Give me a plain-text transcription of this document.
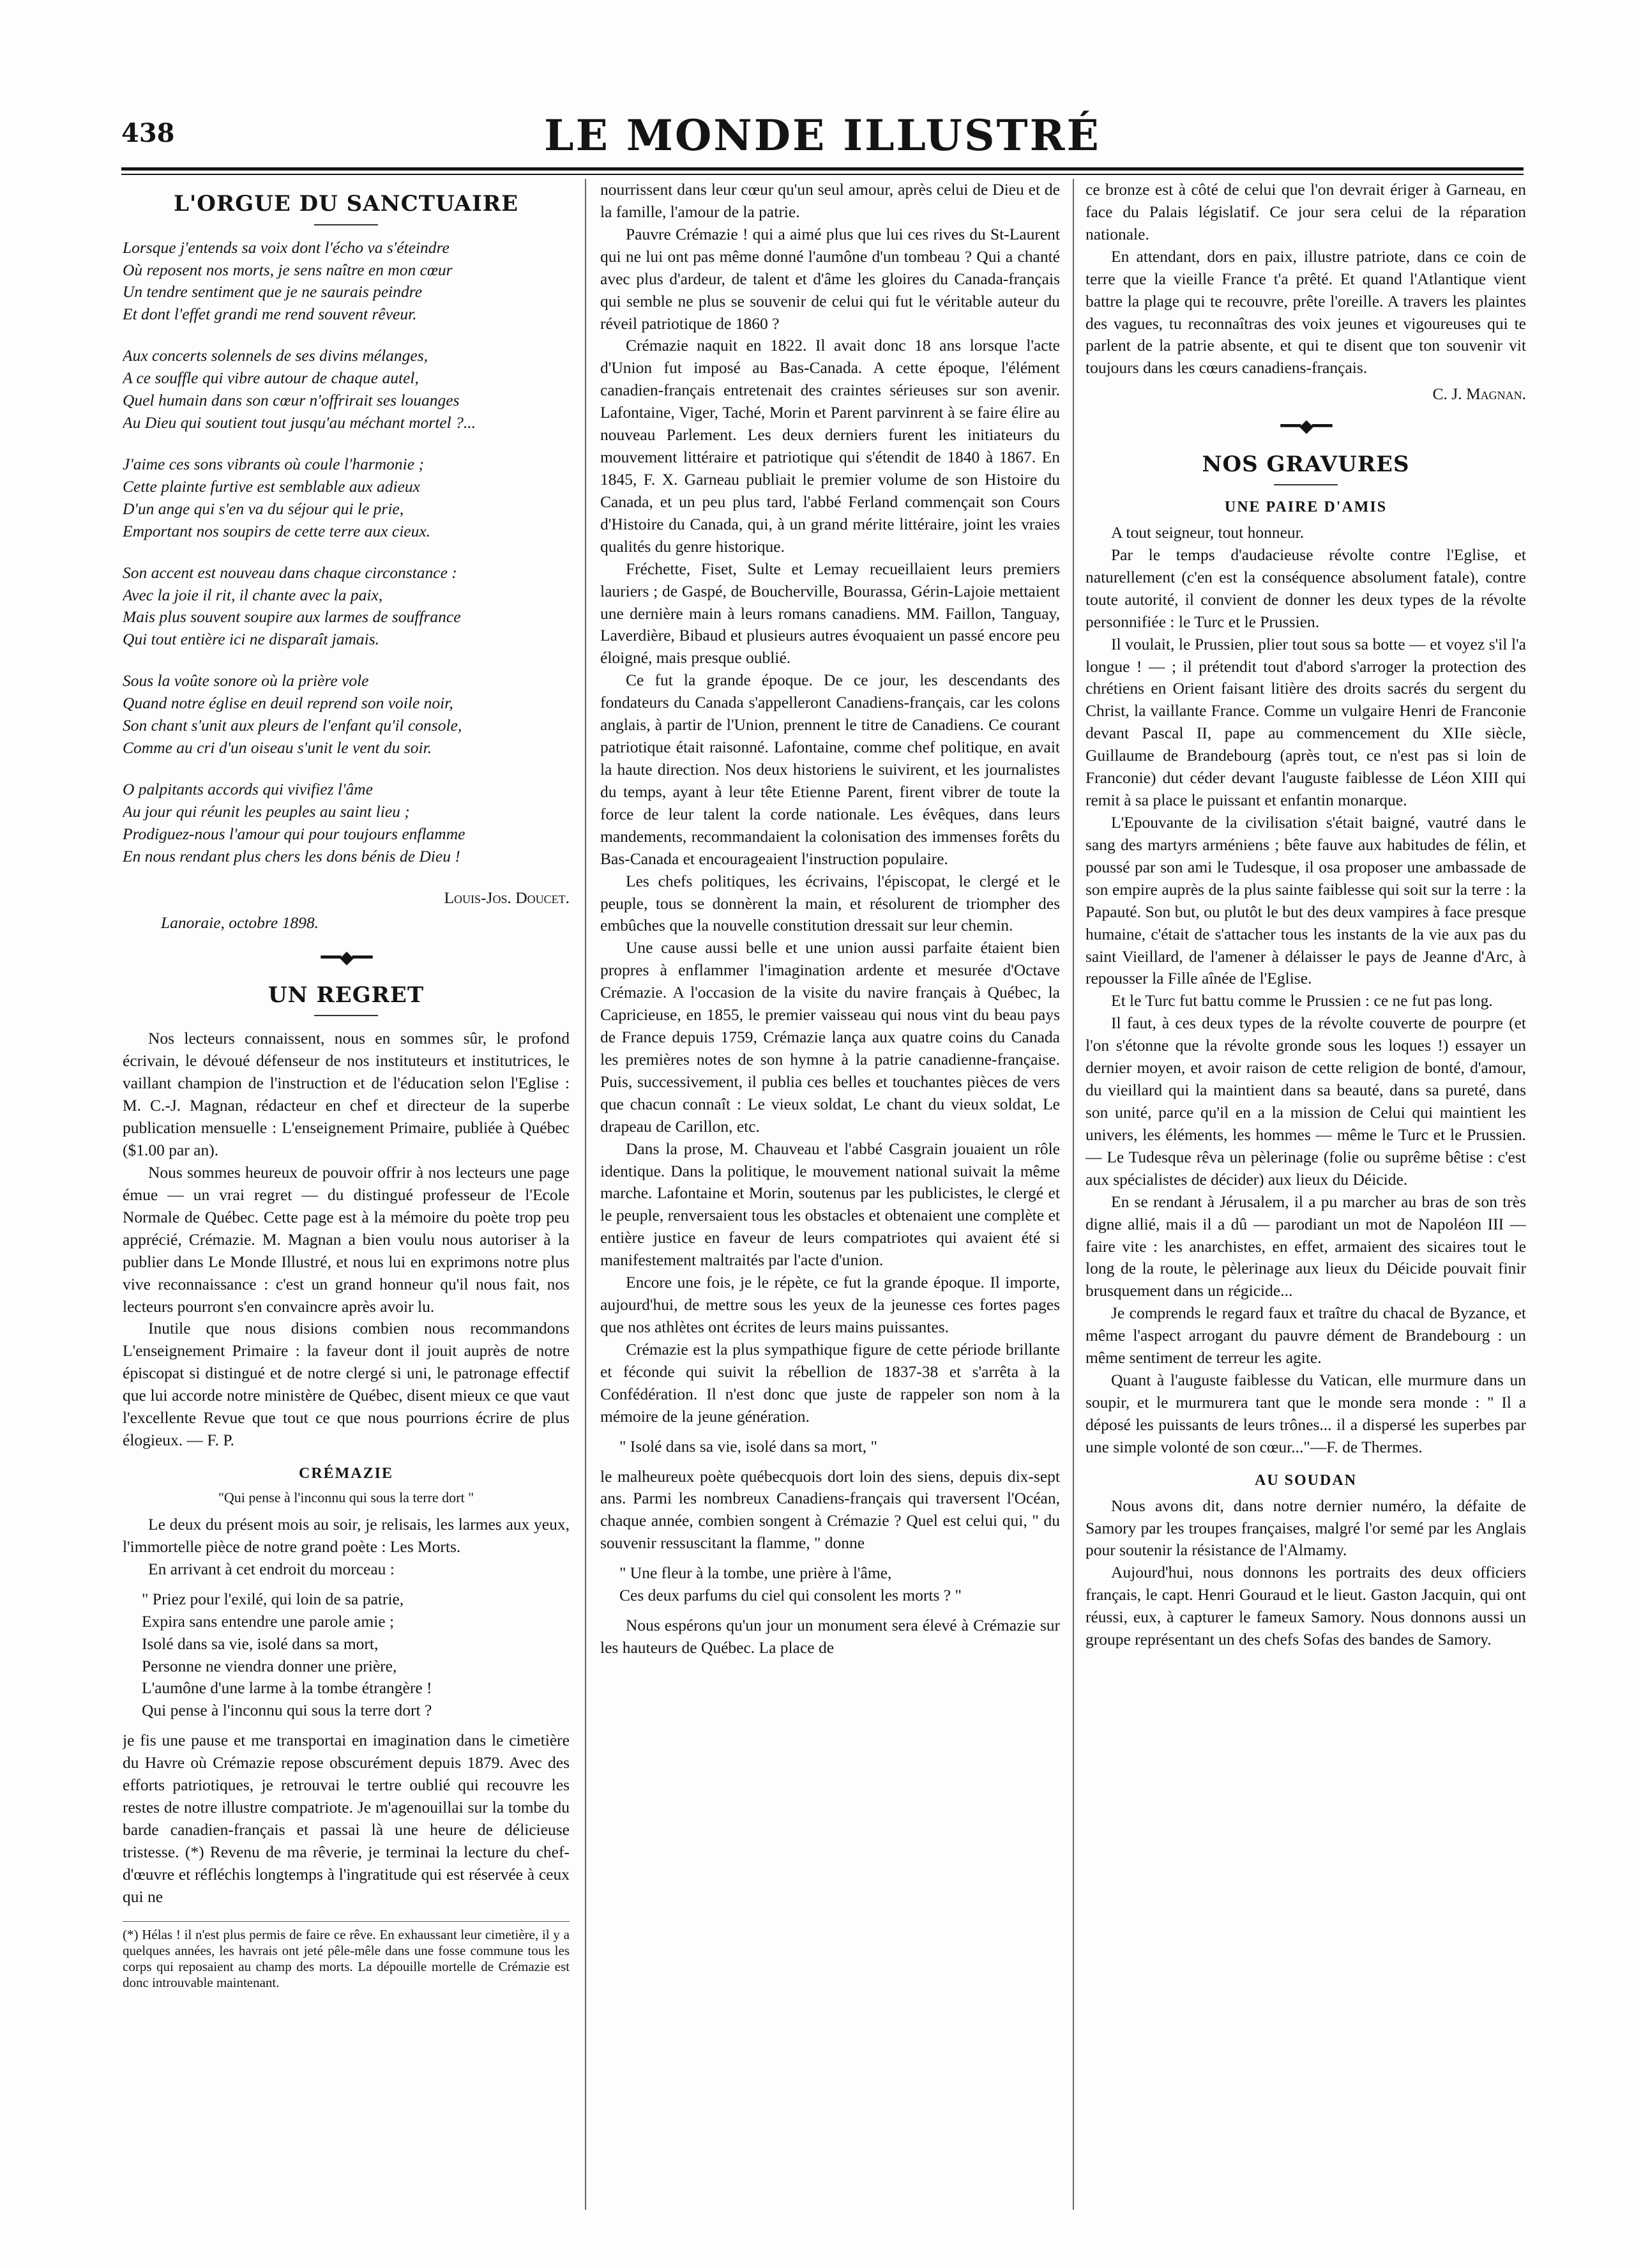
438	LE MONDE ILLUSTRÉ
L'ORGUE DU SANCTUAIRE
Lorsque j'entends sa voix dont l'écho va s'éteindre
Où reposent nos morts, je sens naître en mon cœur
Un tendre sentiment que je ne saurais peindre
Et dont l'effet grandi me rend souvent rêveur.
Aux concerts solennels de ses divins mélanges,
A ce souffle qui vibre autour de chaque autel,
Quel humain dans son cœur n'offrirait ses louanges
Au Dieu qui soutient tout jusqu'au méchant mortel ?...
J'aime ces sons vibrants où coule l'harmonie ;
Cette plainte furtive est semblable aux adieux
D'un ange qui s'en va du séjour qui le prie,
Emportant nos soupirs de cette terre aux cieux.
Son accent est nouveau dans chaque circonstance :
Avec la joie il rit, il chante avec la paix,
Mais plus souvent soupire aux larmes de souffrance
Qui tout entière ici ne disparaît jamais.
Sous la voûte sonore où la prière vole
Quand notre église en deuil reprend son voile noir,
Son chant s'unit aux pleurs de l'enfant qu'il console,
Comme au cri d'un oiseau s'unit le vent du soir.
O palpitants accords qui vivifiez l'âme
Au jour qui réunit les peuples au saint lieu ;
Prodiguez-nous l'amour qui pour toujours enflamme
En nous rendant plus chers les dons bénis de Dieu !
Louis-Jos. Doucet.
Lanoraie, octobre 1898.
━━◆━━
UN REGRET

Nos lecteurs connaissent, nous en sommes sûr, le profond écrivain, le dévoué défenseur de nos instituteurs et institutrices, le vaillant champion de l'instruction et de l'éducation selon l'Eglise : M. C.-J. Magnan, rédacteur en chef et directeur de la superbe publication mensuelle : L'enseignement Primaire, publiée à Québec ($1.00 par an).

Nous sommes heureux de pouvoir offrir à nos lecteurs une page émue — un vrai regret — du distingué professeur de l'Ecole Normale de Québec. Cette page est à la mémoire du poète trop peu apprécié, Crémazie. M. Magnan a bien voulu nous autoriser à la publier dans Le Monde Illustré, et nous lui en exprimons notre plus vive reconnaissance : c'est un grand honneur qu'il nous fait, nos lecteurs pourront s'en convaincre après avoir lu.

Inutile que nous disions combien nous recommandons L'enseignement Primaire : la faveur dont il jouit auprès de notre épiscopat si distingué et de notre clergé si uni, le patronage effectif que lui accorde notre ministère de Québec, disent mieux ce que vaut l'excellente Revue que tout ce que nous pourrions écrire de plus élogieux. — F. P.

CRÉMAZIE
"Qui pense à l'inconnu qui sous la terre dort "

Le deux du présent mois au soir, je relisais, les larmes aux yeux, l'immortelle pièce de notre grand poète : Les Morts.

En arrivant à cet endroit du morceau :

" Priez pour l'exilé, qui loin de sa patrie,
Expira sans entendre une parole amie ;
Isolé dans sa vie, isolé dans sa mort,
Personne ne viendra donner une prière,
L'aumône d'une larme à la tombe étrangère !
Qui pense à l'inconnu qui sous la terre dort ?

je fis une pause et me transportai en imagination dans le cimetière du Havre où Crémazie repose obscurément depuis 1879. Avec des efforts patriotiques, je retrouvai le tertre oublié qui recouvre les restes de notre illustre compatriote. Je m'agenouillai sur la tombe du barde canadien-français et passai là une heure de délicieuse tristesse. (*) Revenu de ma rêverie, je terminai la lecture du chef-d'œuvre et réfléchis longtemps à l'ingratitude qui est réservée à ceux qui ne

(*) Hélas ! il n'est plus permis de faire ce rêve. En exhaussant leur cimetière, il y a quelques années, les havrais ont jeté pêle-mêle dans une fosse commune tous les corps qui reposaient au champ des morts. La dépouille mortelle de Crémazie est donc introuvable maintenant.

nourrissent dans leur cœur qu'un seul amour, après celui de Dieu et de la famille, l'amour de la patrie.

Pauvre Crémazie ! qui a aimé plus que lui ces rives du St-Laurent qui ne lui ont pas même donné l'aumône d'un tombeau ? Qui a chanté avec plus d'ardeur, de talent et d'âme les gloires du Canada-français qui semble ne plus se souvenir de celui qui fut le véritable auteur du réveil patriotique de 1860 ?

Crémazie naquit en 1822. Il avait donc 18 ans lorsque l'acte d'Union fut imposé au Bas-Canada. A cette époque, l'élément canadien-français entretenait des craintes sérieuses sur son avenir. Lafontaine, Viger, Taché, Morin et Parent parvinrent à se faire élire au nouveau Parlement. Les deux derniers furent les initiateurs du mouvement littéraire et patriotique qui s'étendit de 1840 à 1867. En 1845, F. X. Garneau publiait le premier volume de son Histoire du Canada, et un peu plus tard, l'abbé Ferland commençait son Cours d'Histoire du Canada, qui, à un grand mérite littéraire, joint les vraies qualités du genre historique.

Fréchette, Fiset, Sulte et Lemay recueillaient leurs premiers lauriers ; de Gaspé, de Boucherville, Bourassa, Gérin-Lajoie mettaient une dernière main à leurs romans canadiens. MM. Faillon, Tanguay, Laverdière, Bibaud et plusieurs autres évoquaient un passé encore peu éloigné, mais presque oublié.

Ce fut la grande époque. De ce jour, les descendants des fondateurs du Canada s'appelleront Canadiens-français, car les colons anglais, à partir de l'Union, prennent le titre de Canadiens. Ce courant patriotique était raisonné. Lafontaine, comme chef politique, en avait la haute direction. Nos deux historiens le suivirent, et les journalistes du temps, ayant à leur tête Etienne Parent, firent vibrer de toute la force de leur talent la corde nationale. Les évêques, dans leurs mandements, recommandaient la colonisation des immenses forêts du Bas-Canada et encourageaient l'instruction populaire.

Les chefs politiques, les écrivains, l'épiscopat, le clergé et le peuple, tous se donnèrent la main, et résolurent de triompher des embûches que la nouvelle constitution dressait sur leur chemin.

Une cause aussi belle et une union aussi parfaite étaient bien propres à enflammer l'imagination ardente et mesurée d'Octave Crémazie. A l'occasion de la visite du navire français à Québec, la Capricieuse, en 1855, le premier vaisseau qui nous vint du beau pays de France depuis 1759, Crémazie lança aux quatre coins du Canada les premières notes de son hymne à la patrie canadienne-française. Puis, successivement, il publia ces belles et touchantes pièces de vers que chacun connaît : Le vieux soldat, Le chant du vieux soldat, Le drapeau de Carillon, etc.

Dans la prose, M. Chauveau et l'abbé Casgrain jouaient un rôle identique. Dans la politique, le mouvement national suivait la même marche. Lafontaine et Morin, soutenus par les publicistes, le clergé et le peuple, renversaient tous les obstacles et obtenaient une complète et entière justice en faveur de leurs compatriotes qui avaient été si manifestement maltraités par l'acte d'union.

Encore une fois, je le répète, ce fut la grande époque. Il importe, aujourd'hui, de mettre sous les yeux de la jeunesse ces fortes pages que nos athlètes ont écrites de leurs mains puissantes.

Crémazie est la plus sympathique figure de cette période brillante et féconde qui suivit la rébellion de 1837-38 et s'arrêta à la Confédération. Il n'est donc que juste de rappeler son nom à la mémoire de la jeune génération.

" Isolé dans sa vie, isolé dans sa mort, "

le malheureux poète québecquois dort loin des siens, depuis dix-sept ans. Parmi les nombreux Canadiens-français qui traversent l'Océan, chaque année, combien songent à Crémazie ? Quel est celui qui, " du souvenir ressuscitant la flamme, " donne

" Une fleur à la tombe, une prière à l'âme,
Ces deux parfums du ciel qui consolent les morts ? "

Nous espérons qu'un jour un monument sera élevé à Crémazie sur les hauteurs de Québec. La place de

ce bronze est à côté de celui que l'on devrait ériger à Garneau, en face du Palais législatif. Ce jour sera celui de la réparation nationale.

En attendant, dors en paix, illustre patriote, dans ce coin de terre que la vieille France t'a prêté. Et quand l'Atlantique vient battre la plage qui te recouvre, prête l'oreille. A travers les plaintes des vagues, tu reconnaîtras des voix jeunes et vigoureuses qui te parlent de la patrie absente, et qui te disent que ton souvenir vit toujours dans les cœurs canadiens-français.

C. J. Magnan.
━━◆━━
NOS GRAVURES
UNE PAIRE D'AMIS

A tout seigneur, tout honneur.

Par le temps d'audacieuse révolte contre l'Eglise, et naturellement (c'en est la conséquence absolument fatale), contre toute autorité, il convient de donner les deux types de la révolte personnifiée : le Turc et le Prussien.

Il voulait, le Prussien, plier tout sous sa botte — et voyez s'il l'a longue ! — ; il prétendit tout d'abord s'arroger la protection des chrétiens en Orient faisant litière des droits sacrés du sergent du Christ, la vaillante France. Comme un vulgaire Henri de Franconie devant Pascal II, pape au commencement du XIIe siècle, Guillaume de Brandebourg (après tout, ce n'est pas si loin de Franconie) dut céder devant l'auguste faiblesse de Léon XIII qui remit à sa place le puissant et enfantin monarque.

L'Epouvante de la civilisation s'était baigné, vautré dans le sang des martyrs arméniens ; bête fauve aux habitudes de félin, et poussé par son ami le Tudesque, il osa proposer une ambassade de son empire auprès de la plus sainte faiblesse qui soit sur la terre : la Papauté. Son but, ou plutôt le but des deux vampires à face presque humaine, c'était de s'attacher tous les instants de la vie aux pas du saint Vieillard, de l'amener à délaisser le pays de Jeanne d'Arc, à repousser la Fille aînée de l'Eglise.

Et le Turc fut battu comme le Prussien : ce ne fut pas long.

Il faut, à ces deux types de la révolte couverte de pourpre (et l'on s'étonne que la révolte gronde sous les loques !) essayer un dernier moyen, et avoir raison de cette religion de bonté, d'amour, du vieillard qui la maintient dans sa beauté, dans sa pureté, dans son unité, parce qu'il en a la mission de Celui qui maintient les univers, les éléments, les hommes — même le Turc et le Prussien. — Le Tudesque rêva un pèlerinage (folie ou suprême bêtise : c'est aux spécialistes de décider) aux lieux du Déicide.

En se rendant à Jérusalem, il a pu marcher au bras de son très digne allié, mais il a dû — parodiant un mot de Napoléon III — faire vite : les anarchistes, en effet, armaient des sicaires tout le long de la route, le pèlerinage aux lieux du Déicide pouvait finir brusquement dans un régicide...

Je comprends le regard faux et traître du chacal de Byzance, et même l'aspect arrogant du pauvre dément de Brandebourg : un même sentiment de terreur les agite.

Quant à l'auguste faiblesse du Vatican, elle murmure dans un soupir, et le murmurera tant que le monde sera monde : " Il a déposé les puissants de leurs trônes... il a dispersé les superbes par une simple volonté de son cœur..."—F. de Thermes.

AU SOUDAN

Nous avons dit, dans notre dernier numéro, la défaite de Samory par les troupes françaises, malgré l'or semé par les Anglais pour soutenir la résistance de l'Almamy.

Aujourd'hui, nous donnons les portraits des deux officiers français, le capt. Henri Gouraud et le lieut. Gaston Jacquin, qui ont réussi, eux, à capturer le fameux Samory. Nous donnons aussi un groupe représentant un des chefs Sofas des bandes de Samory.
